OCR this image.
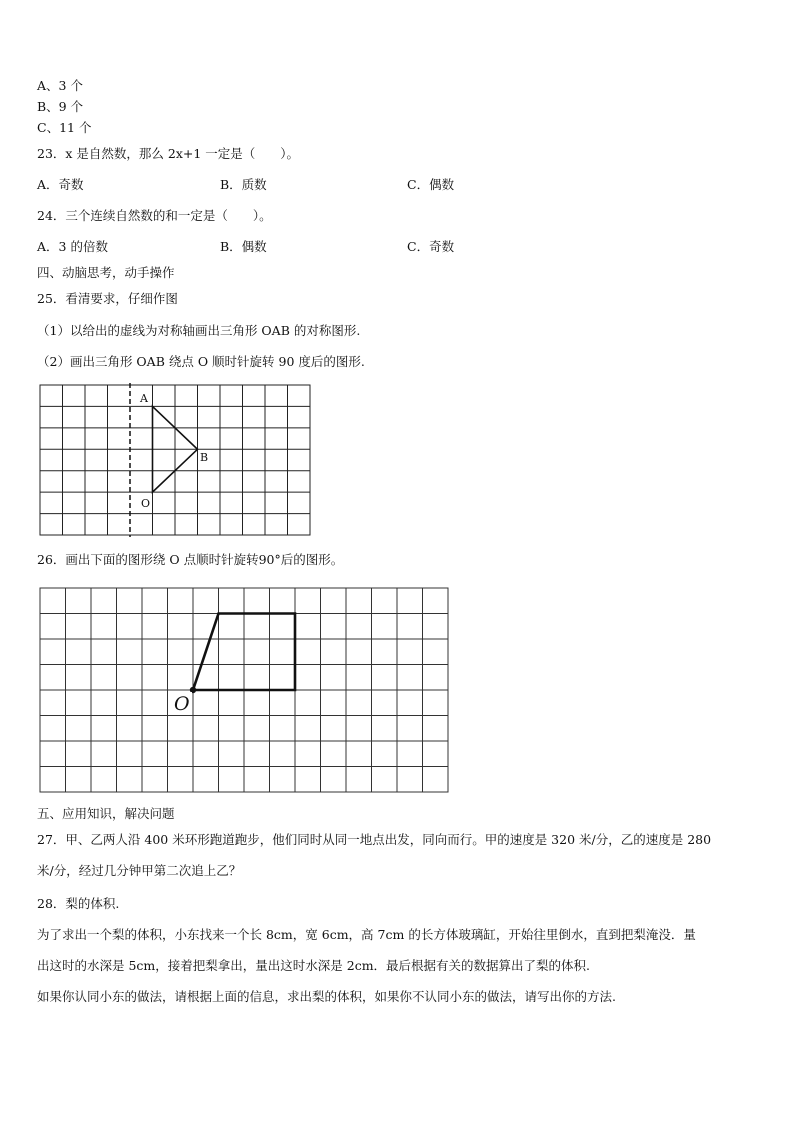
A、3 个
B、9 个
C、11 个
23．x 是自然数，那么 2x+1 一定是（　　）。
A．奇数	B．质数	C．偶数
24．三个连续自然数的和一定是（　　）。
A．3 的倍数	B．偶数	C．奇数
四、动脑思考，动手操作
25．看清要求，仔细作图
（1）以给出的虚线为对称轴画出三角形 OAB 的对称图形.
（2）画出三角形 OAB 绕点 O 顺时针旋转 90 度后的图形.
A
B
O
26．画出下面的图形绕 O 点顺时针旋转90°后的图形。
O
五、应用知识，解决问题
27．甲、乙两人沿 400 米环形跑道跑步，他们同时从同一地点出发，同向而行。甲的速度是 320 米/分，乙的速度是 280
米/分，经过几分钟甲第二次追上乙？
28．梨的体积.
为了求出一个梨的体积，小东找来一个长 8cm，宽 6cm，高 7cm 的长方体玻璃缸，开始往里倒水，直到把梨淹没．量
出这时的水深是 5cm，接着把梨拿出，量出这时水深是 2cm．最后根据有关的数据算出了梨的体积.
如果你认同小东的做法，请根据上面的信息，求出梨的体积，如果你不认同小东的做法，请写出你的方法.
